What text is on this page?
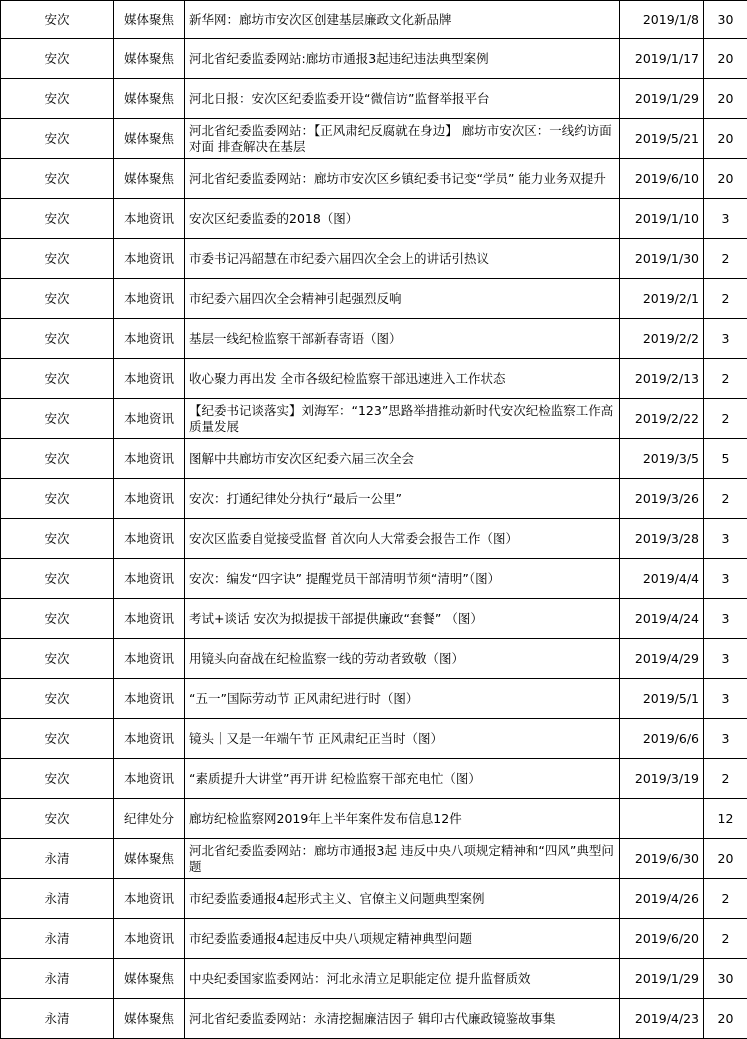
安次	媒体聚焦	新华网：廊坊市安次区创建基层廉政文化新品牌	2019/1/8	30
安次	媒体聚焦	河北省纪委监委网站:廊坊市通报3起违纪违法典型案例	2019/1/17	20
安次	媒体聚焦	河北日报：安次区纪委监委开设“微信访”监督举报平台	2019/1/29	20
安次	媒体聚焦	河北省纪委监委网站：【正风肃纪反腐就在身边】 廊坊市安次区：一线约访面对面 排查解决在基层	2019/5/21	20
安次	媒体聚焦	河北省纪委监委网站：廊坊市安次区乡镇纪委书记变“学员” 能力业务双提升	2019/6/10	20
安次	本地资讯	安次区纪委监委的2018（图）	2019/1/10	3
安次	本地资讯	市委书记冯韶慧在市纪委六届四次全会上的讲话引热议	2019/1/30	2
安次	本地资讯	市纪委六届四次全会精神引起强烈反响	2019/2/1	2
安次	本地资讯	基层一线纪检监察干部新春寄语（图）	2019/2/2	3
安次	本地资讯	收心聚力再出发 全市各级纪检监察干部迅速进入工作状态	2019/2/13	2
安次	本地资讯	【纪委书记谈落实】刘海军：“123”思路举措推动新时代安次纪检监察工作高质量发展	2019/2/22	2
安次	本地资讯	图解中共廊坊市安次区纪委六届三次全会	2019/3/5	5
安次	本地资讯	安次：打通纪律处分执行“最后一公里”	2019/3/26	2
安次	本地资讯	安次区监委自觉接受监督 首次向人大常委会报告工作（图）	2019/3/28	3
安次	本地资讯	安次：编发“四字诀” 提醒党员干部清明节须“清明”（图）	2019/4/4	3
安次	本地资讯	考试+谈话 安次为拟提拔干部提供廉政“套餐” （图）	2019/4/24	3
安次	本地资讯	用镜头向奋战在纪检监察一线的劳动者致敬（图）	2019/4/29	3
安次	本地资讯	“五一”国际劳动节 正风肃纪进行时（图）	2019/5/1	3
安次	本地资讯	镜头｜又是一年端午节 正风肃纪正当时（图）	2019/6/6	3
安次	本地资讯	“素质提升大讲堂”再开讲 纪检监察干部充电忙（图）	2019/3/19	2
安次	纪律处分	廊坊纪检监察网2019年上半年案件发布信息12件		12
永清	媒体聚焦	河北省纪委监委网站：廊坊市通报3起 违反中央八项规定精神和“四风”典型问题	2019/6/30	20
永清	本地资讯	市纪委监委通报4起形式主义、官僚主义问题典型案例	2019/4/26	2
永清	本地资讯	市纪委监委通报4起违反中央八项规定精神典型问题	2019/6/20	2
永清	媒体聚焦	中央纪委国家监委网站：河北永清立足职能定位 提升监督质效	2019/1/29	30
永清	媒体聚焦	河北省纪委监委网站：永清挖掘廉洁因子 辑印古代廉政镜鉴故事集	2019/4/23	20
